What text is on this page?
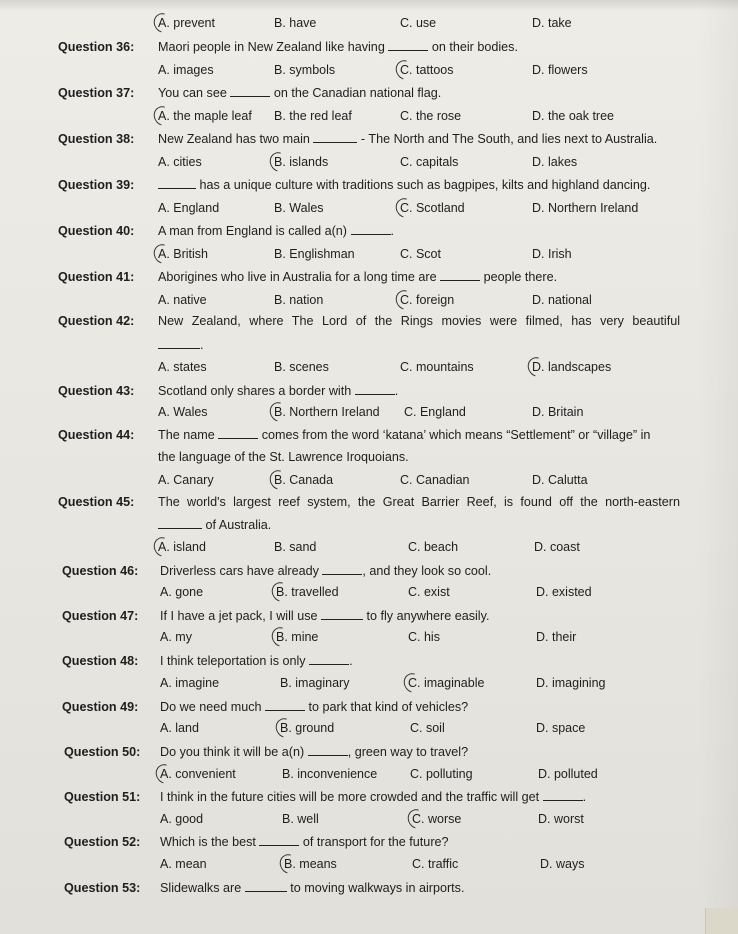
A. prevent	B. have	C. use	D. take
Question 36: Maori people in New Zealand like having	on their bodies.
A. images	B. symbols	C. tattoos	D. flowers
Question 37: You can see	on the Canadian national flag.
A. the maple leaf B. the red leaf	C. the rose	D. the oak tree
Question 38: New Zealand has two main	- The North and The South, and lies next to Australia.
A. cities	B. islands	C. capitals	D. lakes
Question 39:	has a unique culture with traditions such as bagpipes, kilts and highland dancing.
A. England	B. Wales	C. Scotland	D. Northern Ireland
Question 40: A man from England is called a(n)	.
A. British	B. Englishman	C. Scot	D. Irish
Question 41: Aborigines who live in Australia for a long time are	people there.
A. native	B. nation	C. foreign	D. national
Question 42: New Zealand, where The Lord of the Rings movies were filmed, has very beautiful
.
A. states	B. scenes	C. mountains	D. landscapes
Question 43: Scotland only shares a border with	.
A. Wales	B. Northern Ireland C. England	D. Britain
Question 44: The name	comes from the word ‘katana’ which means “Settlement” or “village” in
the language of the St. Lawrence Iroquoians.
A. Canary	B. Canada	C. Canadian	D. Calutta
Question 45: The world's largest reef system, the Great Barrier Reef, is found off the north-eastern
of Australia.
A. island	B. sand	C. beach	D. coast
Question 46: Driverless cars have already	, and they look so cool.
A. gone	B. travelled	C. exist	D. existed
Question 47: If I have a jet pack, I will use	to fly anywhere easily.
A. my	B. mine	C. his	D. their
Question 48: I think teleportation is only	.
A. imagine	B. imaginary	C. imaginable	D. imagining
Question 49: Do we need much	to park that kind of vehicles?
A. land	B. ground	C. soil	D. space
Question 50: Do you think it will be a(n)	, green way to travel?
A. convenient	B. inconvenience	C. polluting	D. polluted
Question 51: I think in the future cities will be more crowded and the traffic will get	.
A. good	B. well	C. worse	D. worst
Question 52: Which is the best	of transport for the future?
A. mean	B. means	C. traffic	D. ways
Question 53: Slidewalks are	to moving walkways in airports.
